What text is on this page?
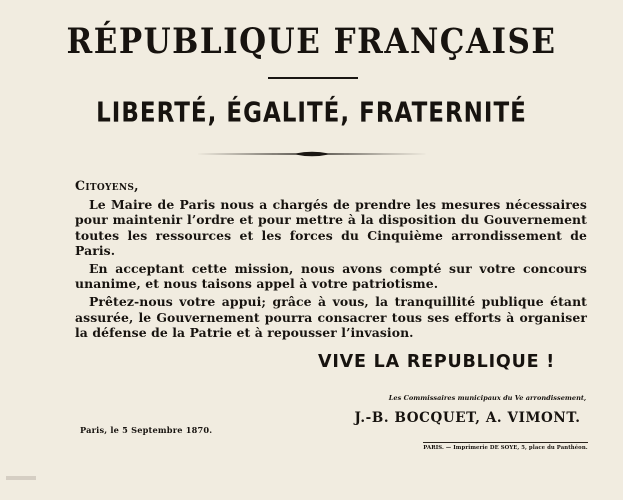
RÉPUBLIQUE FRANÇAISE
LIBERTÉ, ÉGALITÉ, FRATERNITÉ

Citoyens,

Le Maire de Paris nous a chargés de prendre les mesures nécessaires pour maintenir l’ordre et pour mettre à la disposition du Gouvernement toutes les ressources et les forces du Cinquième arrondissement de Paris.

En acceptant cette mission, nous avons compté sur votre concours unanime, et nous taisons appel à votre patriotisme.

Prêtez-nous votre appui; grâce à vous, la tranquillité publique étant assurée, le Gouvernement pourra consacrer tous ses efforts à organiser la défense de la Patrie et à repousser l’invasion.

VIVE LA REPUBLIQUE !
Les Commissaires municipaux du Ve arrondissement,
J.-B. BOCQUET, A. VIMONT.
Paris, le 5 Septembre 1870.
PARIS. — Imprimerie DE SOYE, 5, place du Panthéon.
